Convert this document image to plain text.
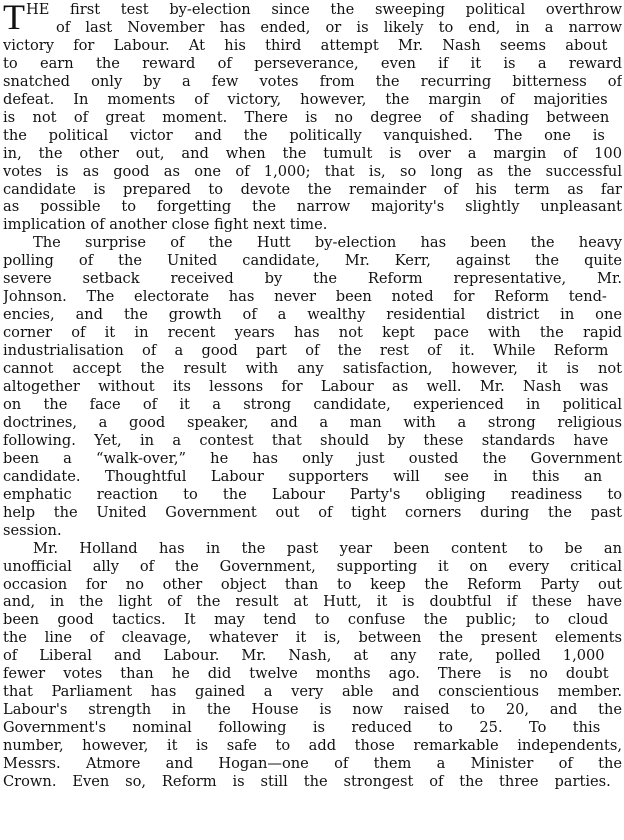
T HE first test by-election since the sweeping political overthrow
of last November has ended, or is likely to end, in a narrow
victory for Labour. At his third attempt Mr. Nash seems about
to earn the reward of perseverance, even if it is a reward
snatched only by a few votes from the recurring bitterness of
defeat. In moments of victory, however, the margin of majorities
is not of great moment. There is no degree of shading between
the political victor and the politically vanquished. The one is
in, the other out, and when the tumult is over a margin of 100
votes is as good as one of 1,000; that is, so long as the successful
candidate is prepared to devote the remainder of his term as far
as possible to forgetting the narrow majority's slightly unpleasant
implication of another close fight next time.
The surprise of the Hutt by-election has been the heavy
polling of the United candidate, Mr. Kerr, against the quite
severe setback received by the Reform representative, Mr.
Johnson. The electorate has never been noted for Reform tend-
encies, and the growth of a wealthy residential district in one
corner of it in recent years has not kept pace with the rapid
industrialisation of a good part of the rest of it. While Reform
cannot accept the result with any satisfaction, however, it is not
altogether without its lessons for Labour as well. Mr. Nash was
on the face of it a strong candidate, experienced in political
doctrines, a good speaker, and a man with a strong religious
following. Yet, in a contest that should by these standards have
been a “walk-over,” he has only just ousted the Government
candidate. Thoughtful Labour supporters will see in this an
emphatic reaction to the Labour Party's obliging readiness to
help the United Government out of tight corners during the past
session.
Mr. Holland has in the past year been content to be an
unofficial ally of the Government, supporting it on every critical
occasion for no other object than to keep the Reform Party out
and, in the light of the result at Hutt, it is doubtful if these have
been good tactics. It may tend to confuse the public; to cloud
the line of cleavage, whatever it is, between the present elements
of Liberal and Labour. Mr. Nash, at any rate, polled 1,000
fewer votes than he did twelve months ago. There is no doubt
that Parliament has gained a very able and conscientious member.
Labour's strength in the House is now raised to 20, and the
Government's nominal following is reduced to 25. To this
number, however, it is safe to add those remarkable independents,
Messrs. Atmore and Hogan—one of them a Minister of the
Crown. Even so, Reform is still the strongest of the three parties.
